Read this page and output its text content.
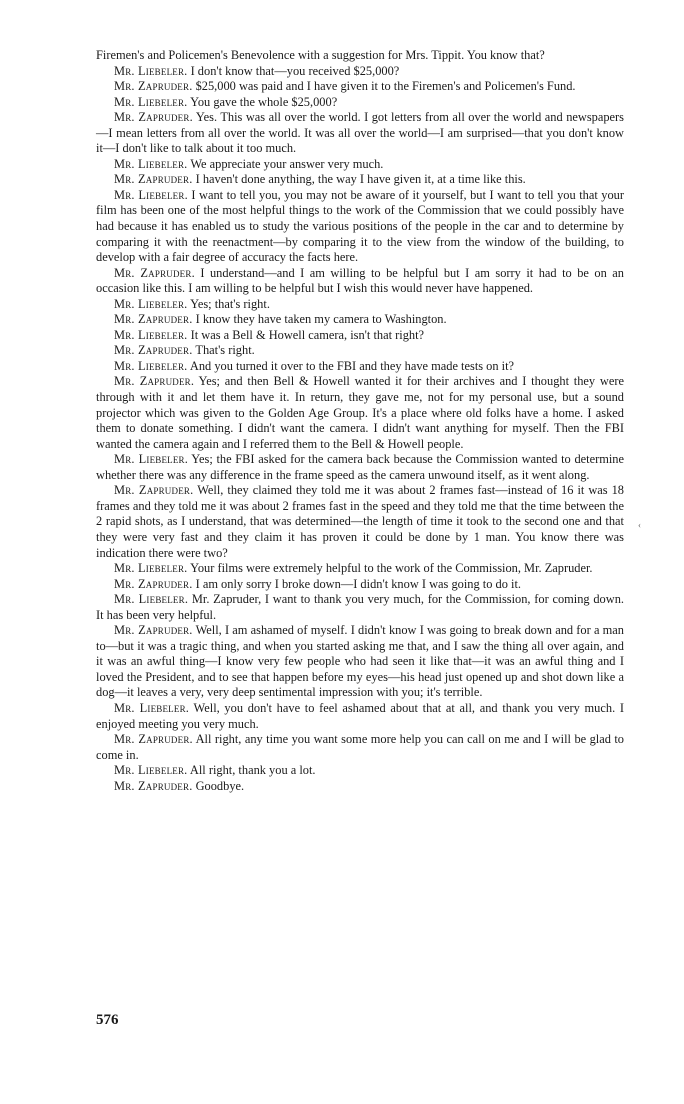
Firemen's and Policemen's Benevolence with a suggestion for Mrs. Tippit. You know that?

Mr. Liebeler. I don't know that—you received $25,000?

Mr. Zapruder. $25,000 was paid and I have given it to the Firemen's and Policemen's Fund.

Mr. Liebeler. You gave the whole $25,000?

Mr. Zapruder. Yes. This was all over the world. I got letters from all over the world and newspapers—I mean letters from all over the world. It was all over the world—I am surprised—that you don't know it—I don't like to talk about it too much.

Mr. Liebeler. We appreciate your answer very much.

Mr. Zapruder. I haven't done anything, the way I have given it, at a time like this.

Mr. Liebeler. I want to tell you, you may not be aware of it yourself, but I want to tell you that your film has been one of the most helpful things to the work of the Commission that we could possibly have had because it has enabled us to study the various positions of the people in the car and to determine by comparing it with the reenactment—by comparing it to the view from the window of the building, to develop with a fair degree of accuracy the facts here.

Mr. Zapruder. I understand—and I am willing to be helpful but I am sorry it had to be on an occasion like this. I am willing to be helpful but I wish this would never have happened.

Mr. Liebeler. Yes; that's right.

Mr. Zapruder. I know they have taken my camera to Washington.

Mr. Liebeler. It was a Bell & Howell camera, isn't that right?

Mr. Zapruder. That's right.

Mr. Liebeler. And you turned it over to the FBI and they have made tests on it?

Mr. Zapruder. Yes; and then Bell & Howell wanted it for their archives and I thought they were through with it and let them have it. In return, they gave me, not for my personal use, but a sound projector which was given to the Golden Age Group. It's a place where old folks have a home. I asked them to donate something. I didn't want the camera. I didn't want anything for myself. Then the FBI wanted the camera again and I referred them to the Bell & Howell people.

Mr. Liebeler. Yes; the FBI asked for the camera back because the Commission wanted to determine whether there was any difference in the frame speed as the camera unwound itself, as it went along.

Mr. Zapruder. Well, they claimed they told me it was about 2 frames fast—instead of 16 it was 18 frames and they told me it was about 2 frames fast in the speed and they told me that the time between the 2 rapid shots, as I understand, that was determined—the length of time it took to the second one and that they were very fast and they claim it has proven it could be done by 1 man. You know there was indication there were two?

Mr. Liebeler. Your films were extremely helpful to the work of the Commission, Mr. Zapruder.

Mr. Zapruder. I am only sorry I broke down—I didn't know I was going to do it.

Mr. Liebeler. Mr. Zapruder, I want to thank you very much, for the Commission, for coming down. It has been very helpful.

Mr. Zapruder. Well, I am ashamed of myself. I didn't know I was going to break down and for a man to—but it was a tragic thing, and when you started asking me that, and I saw the thing all over again, and it was an awful thing—I know very few people who had seen it like that—it was an awful thing and I loved the President, and to see that happen before my eyes—his head just opened up and shot down like a dog—it leaves a very, very deep sentimental impression with you; it's terrible.

Mr. Liebeler. Well, you don't have to feel ashamed about that at all, and thank you very much. I enjoyed meeting you very much.

Mr. Zapruder. All right, any time you want some more help you can call on me and I will be glad to come in.

Mr. Liebeler. All right, thank you a lot.

Mr. Zapruder. Goodbye.

‹
576
